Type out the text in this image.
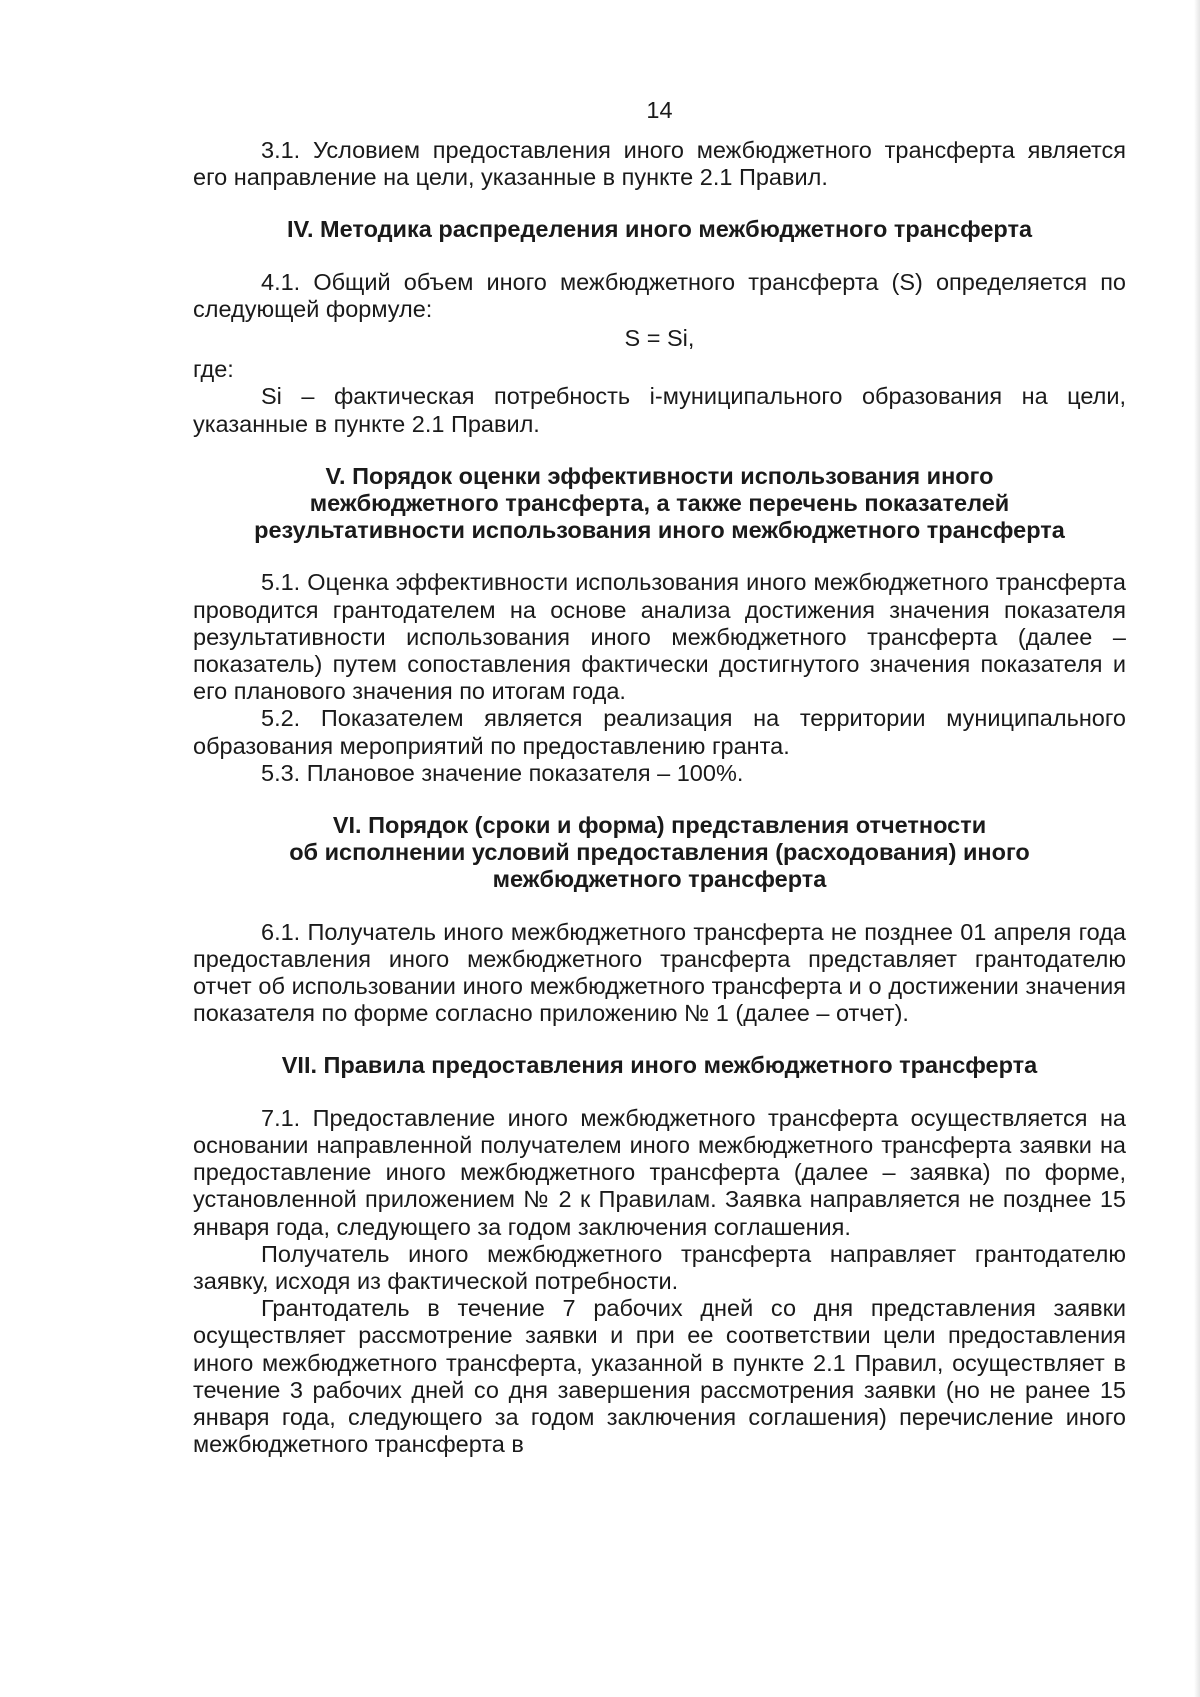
14

3.1. Условием предоставления иного межбюджетного трансферта является его направление на цели, указанные в пункте 2.1 Правил.

IV. Методика распределения иного межбюджетного трансферта

4.1. Общий объем иного межбюджетного трансферта (S) определяется по следующей формуле:

S = Si,

где:

Si – фактическая потребность i-муниципального образования на цели, указанные в пункте 2.1 Правил.

V. Порядок оценки эффективности использования иного
межбюджетного трансферта, а также перечень показателей
результативности использования иного межбюджетного трансферта

5.1. Оценка эффективности использования иного межбюджетного трансферта проводится грантодателем на основе анализа достижения значения показателя результативности использования иного межбюджетного трансферта (далее – показатель) путем сопоставления фактически достигнутого значения показателя и его планового значения по итогам года.

5.2. Показателем является реализация на территории муниципального образования мероприятий по предоставлению гранта.

5.3. Плановое значение показателя – 100%.

VI. Порядок (сроки и форма) представления отчетности
об исполнении условий предоставления (расходования) иного
межбюджетного трансферта

6.1. Получатель иного межбюджетного трансферта не позднее 01 апреля года предоставления иного межбюджетного трансферта представляет грантодателю отчет об использовании иного межбюджетного трансферта и о достижении значения показателя по форме согласно приложению № 1 (далее – отчет).

VII. Правила предоставления иного межбюджетного трансферта

7.1. Предоставление иного межбюджетного трансферта осуществляется на основании направленной получателем иного межбюджетного трансферта заявки на предоставление иного межбюджетного трансферта (далее – заявка) по форме, установленной приложением № 2 к Правилам. Заявка направляется не позднее 15 января года, следующего за годом заключения соглашения.

Получатель иного межбюджетного трансферта направляет грантодателю заявку, исходя из фактической потребности.

Грантодатель в течение 7 рабочих дней со дня представления заявки осуществляет рассмотрение заявки и при ее соответствии цели предоставления иного межбюджетного трансферта, указанной в пункте 2.1 Правил, осуществляет в течение 3 рабочих дней со дня завершения рассмотрения заявки (но не ранее 15 января года, следующего за годом заключения соглашения) перечисление иного межбюджетного трансферта в
